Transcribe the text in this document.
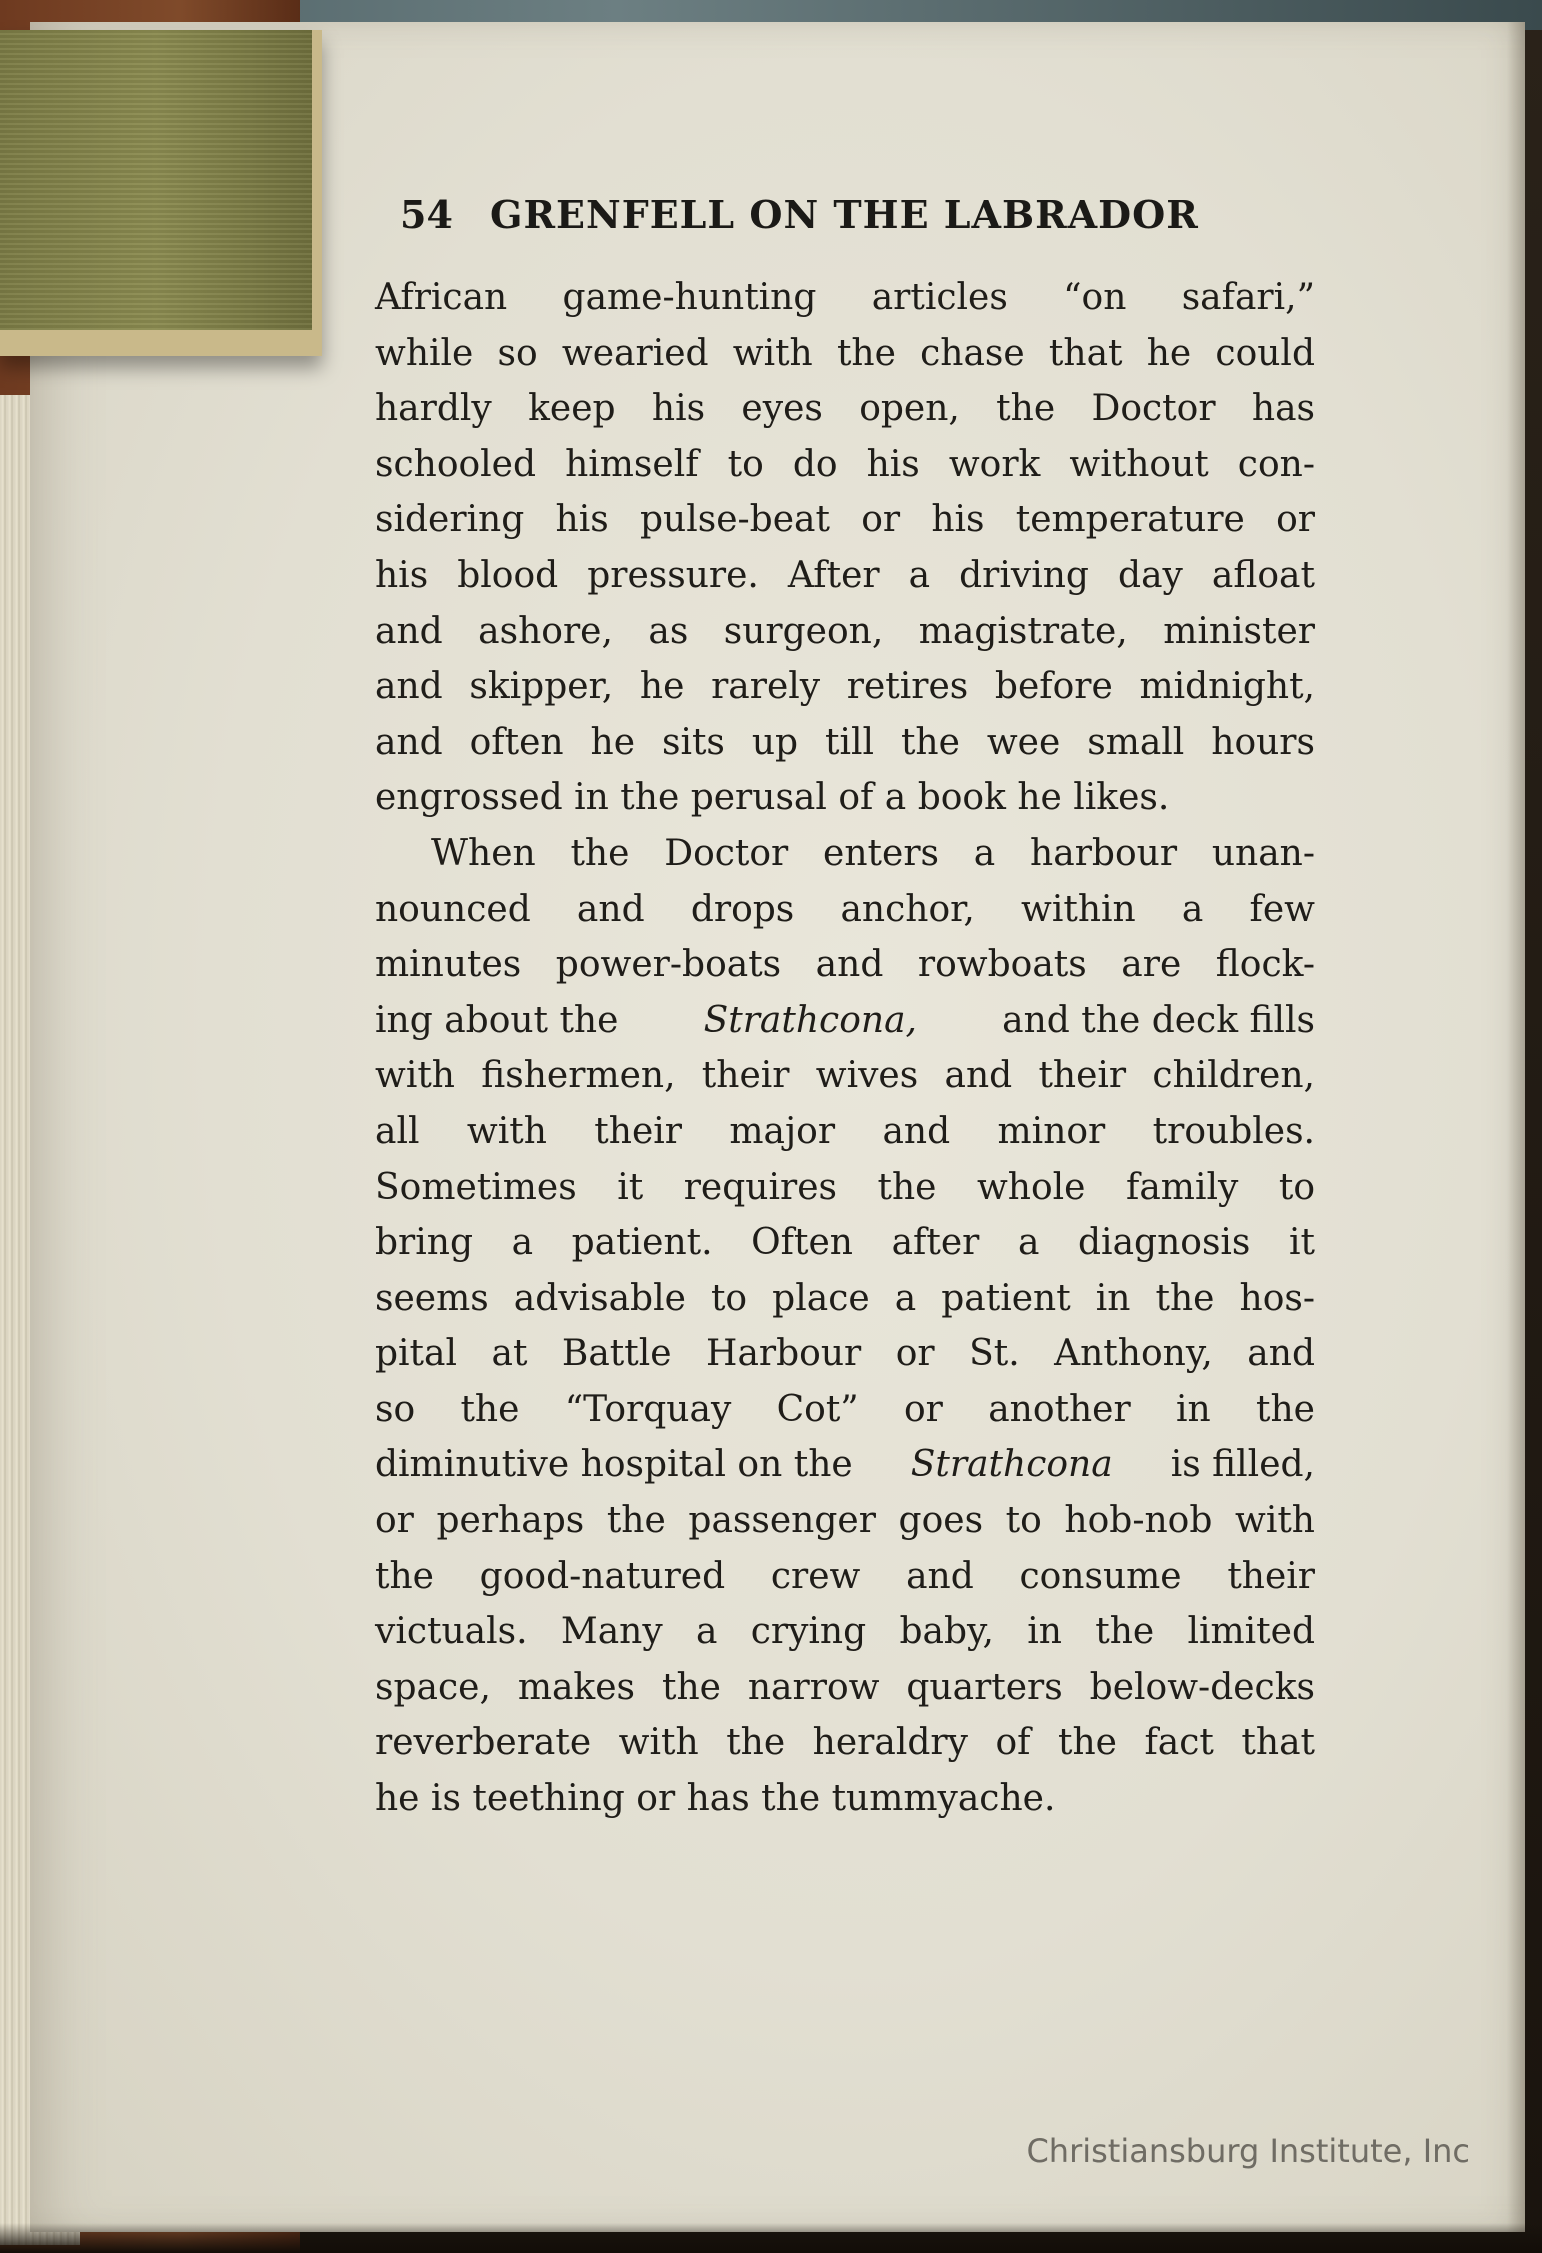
54 GRENFELL ON THE LABRADOR
African game-hunting articles “on safari,”
while so wearied with the chase that he could
hardly keep his eyes open, the Doctor has
schooled himself to do his work without con-
sidering his pulse-beat or his temperature or
his blood pressure. After a driving day afloat
and ashore, as surgeon, magistrate, minister
and skipper, he rarely retires before midnight,
and often he sits up till the wee small hours
engrossed in the perusal of a book he likes.
When the Doctor enters a harbour unan-
nounced and drops anchor, within a few
minutes power-boats and rowboats are flock-
ing about the Strathcona, and the deck fills
with fishermen, their wives and their children,
all with their major and minor troubles.
Sometimes it requires the whole family to
bring a patient. Often after a diagnosis it
seems advisable to place a patient in the hos-
pital at Battle Harbour or St. Anthony, and
so the “Torquay Cot” or another in the
diminutive hospital on the Strathcona is filled,
or perhaps the passenger goes to hob-nob with
the good-natured crew and consume their
victuals. Many a crying baby, in the limited
space, makes the narrow quarters below-decks
reverberate with the heraldry of the fact that
he is teething or has the tummyache.
Christiansburg Institute, Inc
